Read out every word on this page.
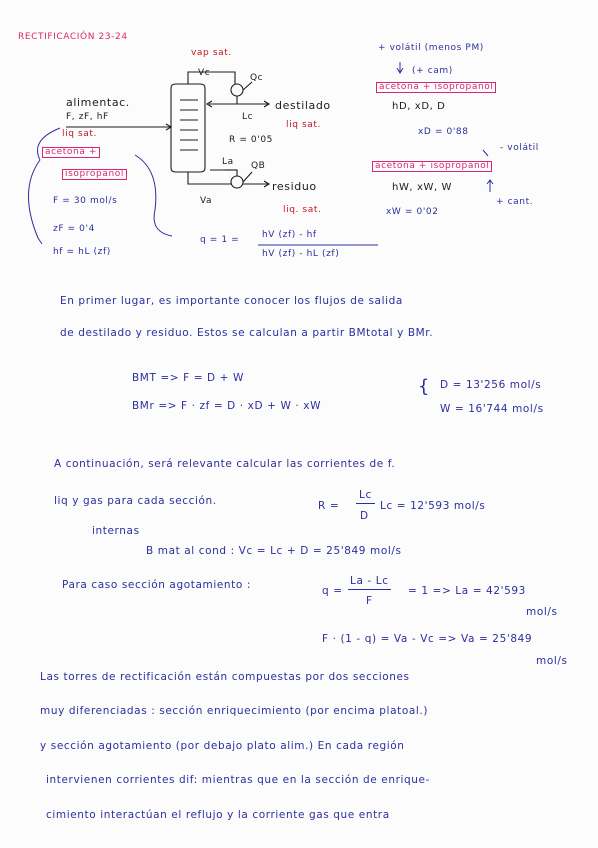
RECTIFICACIÓN 23-24
vap sat.
Vc	Qc
alimentac.
F, zF, hF
liq sat.
Lc
R = 0'05
destilado
liq sat.
La QB
residuo
liq. sat.
Va
acetona +
isopropanol
F = 30 mol/s
zF = 0'4
hf = hL (zf)
+ volátil (menos PM)
(+ cam)
acetona + isopropanol
hD, xD, D
xD = 0'88
- volátil
acetona + isopropanol
+ cant.
hW, xW, W
xW = 0'02
q = 1 =	hV (zf) - hf
hV (zf) - hL (zf)
En primer lugar, es importante conocer los flujos de salida
de destilado y residuo. Estos se calculan a partir BMtotal y BMr.
BMT => F = D + W
BMr => F · zf = D · xD + W · xW
{ D = 13'256 mol/s
W = 16'744 mol/s
A continuación, será relevante calcular las corrientes de f.
liq y gas para cada sección.	R =
Lc
D
Lc = 12'593 mol/s
internas
B mat al cond : Vc = Lc + D = 25'849 mol/s
Para caso sección agotamiento :	q =
La - Lc
F
= 1 => La = 42'593
mol/s
F · (1 - q) = Va - Vc => Va = 25'849
mol/s
Las torres de rectificación están compuestas por dos secciones
muy diferenciadas : sección enriquecimiento (por encima platoal.)
y sección agotamiento (por debajo plato alim.) En cada región
intervienen corrientes dif: mientras que en la sección de enrique-
cimiento interactúan el reflujo y la corriente gas que entra
